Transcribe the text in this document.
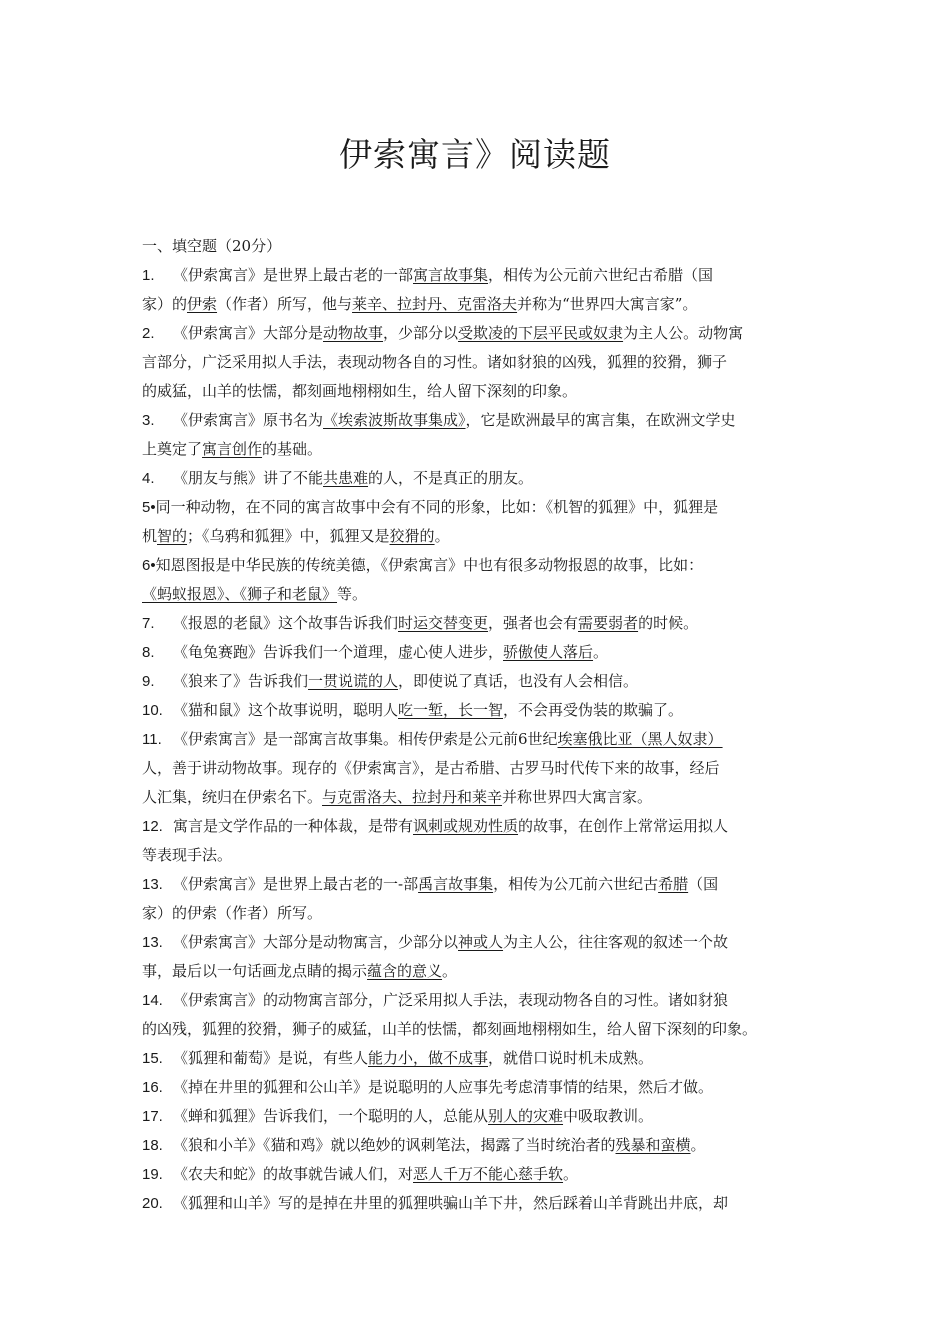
伊索寓言》阅读题
一、填空题（20分）
1. 《伊索寓言》是世界上最古老的一部寓言故事集，相传为公元前六世纪古希腊（国
家）的伊索（作者）所写，他与莱辛、拉封丹、克雷洛夫并称为“世界四大寓言家”。
2. 《伊索寓言》大部分是动物故事，少部分以受欺凌的下层平民或奴隶为主人公。动物寓
言部分，广泛采用拟人手法，表现动物各自的习性。诸如豺狼的凶残，狐狸的狡猾，狮子
的威猛，山羊的怯懦，都刻画地栩栩如生，给人留下深刻的印象。
3. 《伊索寓言》原书名为《埃索波斯故事集成》，它是欧洲最早的寓言集，在欧洲文学史
上奠定了寓言创作的基础。
4. 《朋友与熊》讲了不能共患难的人，不是真正的朋友。
5•同一种动物，在不同的寓言故事中会有不同的形象，比如：《机智的狐狸》中，狐狸是
机智的；《乌鸦和狐狸》中，狐狸又是狡猾的。
6•知恩图报是中华民族的传统美德，《伊索寓言》中也有很多动物报恩的故事，比如：
《蚂蚁报恩》、《狮子和老鼠》等。
7. 《报恩的老鼠》这个故事告诉我们时运交替变更，强者也会有需要弱者的时候。
8. 《龟兔赛跑》告诉我们一个道理，虚心使人进步，骄傲使人落后。
9. 《狼来了》告诉我们一贯说谎的人，即使说了真话，也没有人会相信。
10. 《猫和鼠》这个故事说明，聪明人吃一堑，长一智，不会再受伪装的欺骗了。
11. 《伊索寓言》是一部寓言故事集。相传伊索是公元前6世纪埃塞俄比亚（黑人奴隶）
人，善于讲动物故事。现存的《伊索寓言》，是古希腊、古罗马时代传下来的故事，经后
人汇集，统归在伊索名下。与克雷洛夫、拉封丹和莱辛并称世界四大寓言家。
12. 寓言是文学作品的一种体裁，是带有讽刺或规劝性质的故事，在创作上常常运用拟人
等表现手法。
13. 《伊索寓言》是世界上最古老的一-部禹言故事集，相传为公兀前六世纪古希腊（国
家）的伊索（作者）所写。
13. 《伊索寓言》大部分是动物寓言，少部分以神或人为主人公，往往客观的叙述一个故
事，最后以一句话画龙点睛的揭示蕴含的意义。
14. 《伊索寓言》的动物寓言部分，广泛采用拟人手法，表现动物各自的习性。诸如豺狼
的凶残，狐狸的狡猾，狮子的威猛，山羊的怯懦，都刻画地栩栩如生，给人留下深刻的印象。
15. 《狐狸和葡萄》是说，有些人能力小，做不成事，就借口说时机未成熟。
16. 《掉在井里的狐狸和公山羊》是说聪明的人应事先考虑清事情的结果，然后才做。
17. 《蝉和狐狸》告诉我们，一个聪明的人，总能从别人的灾难中吸取教训。
18. 《狼和小羊》《猫和鸡》就以绝妙的讽刺笔法，揭露了当时统治者的残暴和蛮横。
19. 《农夫和蛇》的故事就告诫人们，对恶人千万不能心慈手软。
20. 《狐狸和山羊》写的是掉在井里的狐狸哄骗山羊下井，然后踩着山羊背跳出井底，却
